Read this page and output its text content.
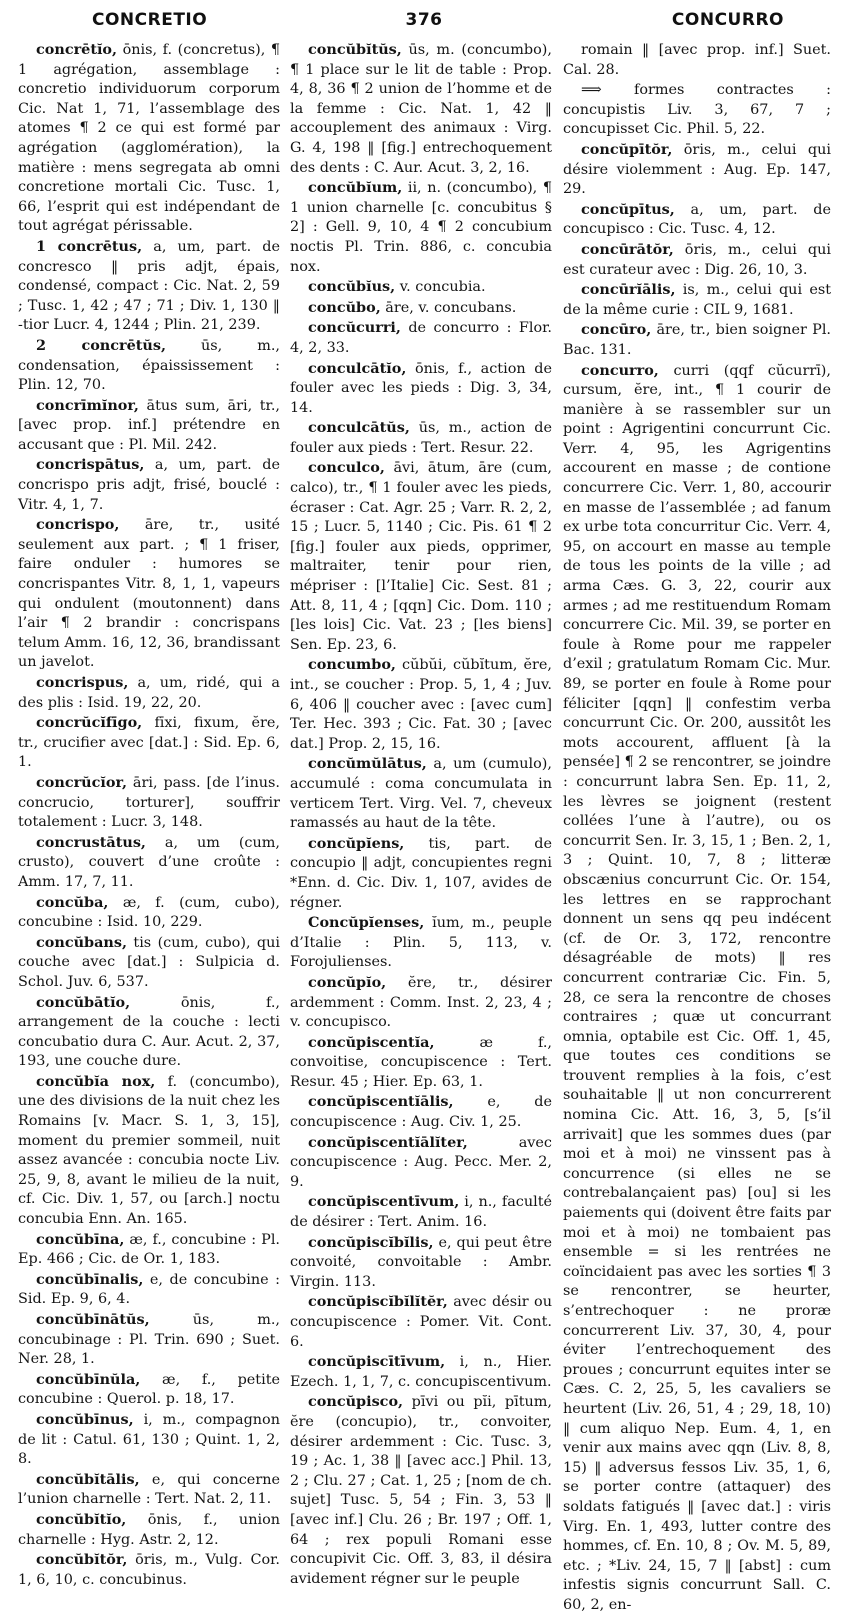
CONCRETIO	376	CONCURRO

concrētĭo, ōnis, f. (concretus), ¶ 1 agrégation, assemblage : concretio individuorum corporum Cic. Nat 1, 71, l’assemblage des atomes ¶ 2 ce qui est formé par agrégation (agglomération), la matière : mens segregata ab omni concretione mortali Cic. Tusc. 1, 66, l’esprit qui est indépendant de tout agrégat périssable.

1 concrētus, a, um, part. de concresco ‖ pris adjt, épais, condensé, compact : Cic. Nat. 2, 59 ; Tusc. 1, 42 ; 47 ; 71 ; Div. 1, 130 ‖ -tior Lucr. 4, 1244 ; Plin. 21, 239.

2 concrētŭs, ūs, m., condensation, épaississement : Plin. 12, 70.

concrīmĭnor, ātus sum, āri, tr., [avec prop. inf.] prétendre en accusant que : Pl. Mil. 242.

concrispātus, a, um, part. de concrispo pris adjt, frisé, bouclé : Vitr. 4, 1, 7.

concrispo, āre, tr., usité seulement aux part. ; ¶ 1 friser, faire onduler : humores se concrispantes Vitr. 8, 1, 1, vapeurs qui ondulent (moutonnent) dans l’air ¶ 2 brandir : concrispans telum Amm. 16, 12, 36, brandissant un javelot.

concrispus, a, um, ridé, qui a des plis : Isid. 19, 22, 20.

concrŭcĭfīgo, fīxi, fixum, ĕre, tr., crucifier avec [dat.] : Sid. Ep. 6, 1.

concrŭcĭor, āri, pass. [de l’inus. concrucio, torturer], souffrir totalement : Lucr. 3, 148.

concrustātus, a, um (cum, crusto), couvert d’une croûte : Amm. 17, 7, 11.

concŭba, æ, f. (cum, cubo), concubine : Isid. 10, 229.

concŭbans, tis (cum, cubo), qui couche avec [dat.] : Sulpicia d. Schol. Juv. 6, 537.

concŭbātĭo, ōnis, f., arrangement de la couche : lecti concubatio dura C. Aur. Acut. 2, 37, 193, une couche dure.

concŭbĭa nox, f. (concumbo), une des divisions de la nuit chez les Romains [v. Macr. S. 1, 3, 15], moment du premier sommeil, nuit assez avancée : concubia nocte Liv. 25, 9, 8, avant le milieu de la nuit, cf. Cic. Div. 1, 57, ou [arch.] noctu concubia Enn. An. 165.

concŭbīna, æ, f., concubine : Pl. Ep. 466 ; Cic. de Or. 1, 183.

concŭbīnalis, e, de concubine : Sid. Ep. 9, 6, 4.

concŭbīnātŭs, ūs, m., concubinage : Pl. Trin. 690 ; Suet. Ner. 28, 1.

concŭbīnŭla, æ, f., petite concubine : Querol. p. 18, 17.

concŭbīnus, i, m., compagnon de lit : Catul. 61, 130 ; Quint. 1, 2, 8.

concŭbĭtālis, e, qui concerne l’union charnelle : Tert. Nat. 2, 11.

concŭbĭtĭo, ōnis, f., union charnelle : Hyg. Astr. 2, 12.

concŭbĭtŏr, ōris, m., Vulg. Cor. 1, 6, 10, c. concubinus.

concŭbĭtŭs, ūs, m. (concumbo), ¶ 1 place sur le lit de table : Prop. 4, 8, 36 ¶ 2 union de l’homme et de la femme : Cic. Nat. 1, 42 ‖ accouplement des animaux : Virg. G. 4, 198 ‖ [fig.] entrechoquement des dents : C. Aur. Acut. 3, 2, 16.

concŭbĭum, ii, n. (concumbo), ¶ 1 union charnelle [c. concubitus § 2] : Gell. 9, 10, 4 ¶ 2 concubium noctis Pl. Trin. 886, c. concubia nox.

concŭbĭus, v. concubia.

concŭbo, āre, v. concubans.

concŭcurri, de concurro : Flor. 4, 2, 33.

conculcātĭo, ōnis, f., action de fouler avec les pieds : Dig. 3, 34, 14.

conculcātŭs, ūs, m., action de fouler aux pieds : Tert. Resur. 22.

conculco, āvi, ātum, āre (cum, calco), tr., ¶ 1 fouler avec les pieds, écraser : Cat. Agr. 25 ; Varr. R. 2, 2, 15 ; Lucr. 5, 1140 ; Cic. Pis. 61 ¶ 2 [fig.] fouler aux pieds, opprimer, maltraiter, tenir pour rien, mépriser : [l’Italie] Cic. Sest. 81 ; Att. 8, 11, 4 ; [qqn] Cic. Dom. 110 ; [les lois] Cic. Vat. 23 ; [les biens] Sen. Ep. 23, 6.

concumbo, cŭbŭi, cŭbĭtum, ĕre, int., se coucher : Prop. 5, 1, 4 ; Juv. 6, 406 ‖ coucher avec : [avec cum] Ter. Hec. 393 ; Cic. Fat. 30 ; [avec dat.] Prop. 2, 15, 16.

concŭmŭlātus, a, um (cumulo), accumulé : coma concumulata in verticem Tert. Virg. Vel. 7, cheveux ramassés au haut de la tête.

concŭpĭens, tis, part. de concupio ‖ adjt, concupientes regni *Enn. d. Cic. Div. 1, 107, avides de régner.

Concŭpĭenses, ĭum, m., peuple d’Italie : Plin. 5, 113, v. Forojulienses.

concŭpĭo, ĕre, tr., désirer ardemment : Comm. Inst. 2, 23, 4 ; v. concupisco.

concŭpiscentĭa, æ f., convoitise, concupiscence : Tert. Resur. 45 ; Hier. Ep. 63, 1.

concŭpiscentĭālis, e, de concupiscence : Aug. Civ. 1, 25.

concŭpiscentĭālĭter, avec concupiscence : Aug. Pecc. Mer. 2, 9.

concŭpiscentīvum, i, n., faculté de désirer : Tert. Anim. 16.

concŭpiscĭbĭlis, e, qui peut être convoité, convoitable : Ambr. Virgin. 113.

concŭpiscĭbĭlĭtĕr, avec désir ou concupiscence : Pomer. Vit. Cont. 6.

concŭpiscītīvum, i, n., Hier. Ezech. 1, 1, 7, c. concupiscentivum.

concŭpisco, pīvi ou pĭi, pītum, ĕre (concupio), tr., convoiter, désirer ardemment : Cic. Tusc. 3, 19 ; Ac. 1, 38 ‖ [avec acc.] Phil. 13, 2 ; Clu. 27 ; Cat. 1, 25 ; [nom de ch. sujet] Tusc. 5, 54 ; Fin. 3, 53 ‖ [avec inf.] Clu. 26 ; Br. 197 ; Off. 1, 64 ; rex populi Romani esse concupivit Cic. Off. 3, 83, il désira avidement régner sur le peuple

romain ‖ [avec prop. inf.] Suet. Cal. 28.

⟹ formes contractes : concupistis Liv. 3, 67, 7 ; concupisset Cic. Phil. 5, 22.

concŭpītŏr, ōris, m., celui qui désire violemment : Aug. Ep. 147, 29.

concŭpītus, a, um, part. de concupisco : Cic. Tusc. 4, 12.

concūrātŏr, ōris, m., celui qui est curateur avec : Dig. 26, 10, 3.

concūrĭālis, is, m., celui qui est de la même curie : CIL 9, 1681.

concūro, āre, tr., bien soigner Pl. Bac. 131.

concurro, curri (qqf cŭcurrī), cursum, ĕre, int., ¶ 1 courir de manière à se rassembler sur un point : Agrigentini concurrunt Cic. Verr. 4, 95, les Agrigentins accourent en masse ; de contione concurrere Cic. Verr. 1, 80, accourir en masse de l’assemblée ; ad fanum ex urbe tota concurritur Cic. Verr. 4, 95, on accourt en masse au temple de tous les points de la ville ; ad arma Cæs. G. 3, 22, courir aux armes ; ad me restituendum Romam concurrere Cic. Mil. 39, se porter en foule à Rome pour me rappeler d’exil ; gratulatum Romam Cic. Mur. 89, se porter en foule à Rome pour féliciter [qqn] ‖ confestim verba concurrunt Cic. Or. 200, aussitôt les mots accourent, affluent [à la pensée] ¶ 2 se rencontrer, se joindre : concurrunt labra Sen. Ep. 11, 2, les lèvres se joignent (restent collées l’une à l’autre), ou os concurrit Sen. Ir. 3, 15, 1 ; Ben. 2, 1, 3 ; Quint. 10, 7, 8 ; litteræ obscænius concurrunt Cic. Or. 154, les lettres en se rapprochant donnent un sens qq peu indécent (cf. de Or. 3, 172, rencontre désagréable de mots) ‖ res concurrent contrariæ Cic. Fin. 5, 28, ce sera la rencontre de choses contraires ; quæ ut concurrant omnia, optabile est Cic. Off. 1, 45, que toutes ces conditions se trouvent remplies à la fois, c’est souhaitable ‖ ut non concurrerent nomina Cic. Att. 16, 3, 5, [s’il arrivait] que les sommes dues (par moi et à moi) ne vinssent pas à concurrence (si elles ne se contrebalançaient pas) [ou] si les paiements qui (doivent être faits par moi et à moi) ne tombaient pas ensemble = si les rentrées ne coïncidaient pas avec les sorties ¶ 3 se rencontrer, se heurter, s’entrechoquer : ne proræ concurrerent Liv. 37, 30, 4, pour éviter l’entrechoquement des proues ; concurrunt equites inter se Cæs. C. 2, 25, 5, les cavaliers se heurtent (Liv. 26, 51, 4 ; 29, 18, 10) ‖ cum aliquo Nep. Eum. 4, 1, en venir aux mains avec qqn (Liv. 8, 8, 15) ‖ adversus fessos Liv. 35, 1, 6, se porter contre (attaquer) des soldats fatigués ‖ [avec dat.] : viris Virg. En. 1, 493, lutter contre des hommes, cf. En. 10, 8 ; Ov. M. 5, 89, etc. ; *Liv. 24, 15, 7 ‖ [abst] : cum infestis signis concurrunt Sall. C. 60, 2, en-
